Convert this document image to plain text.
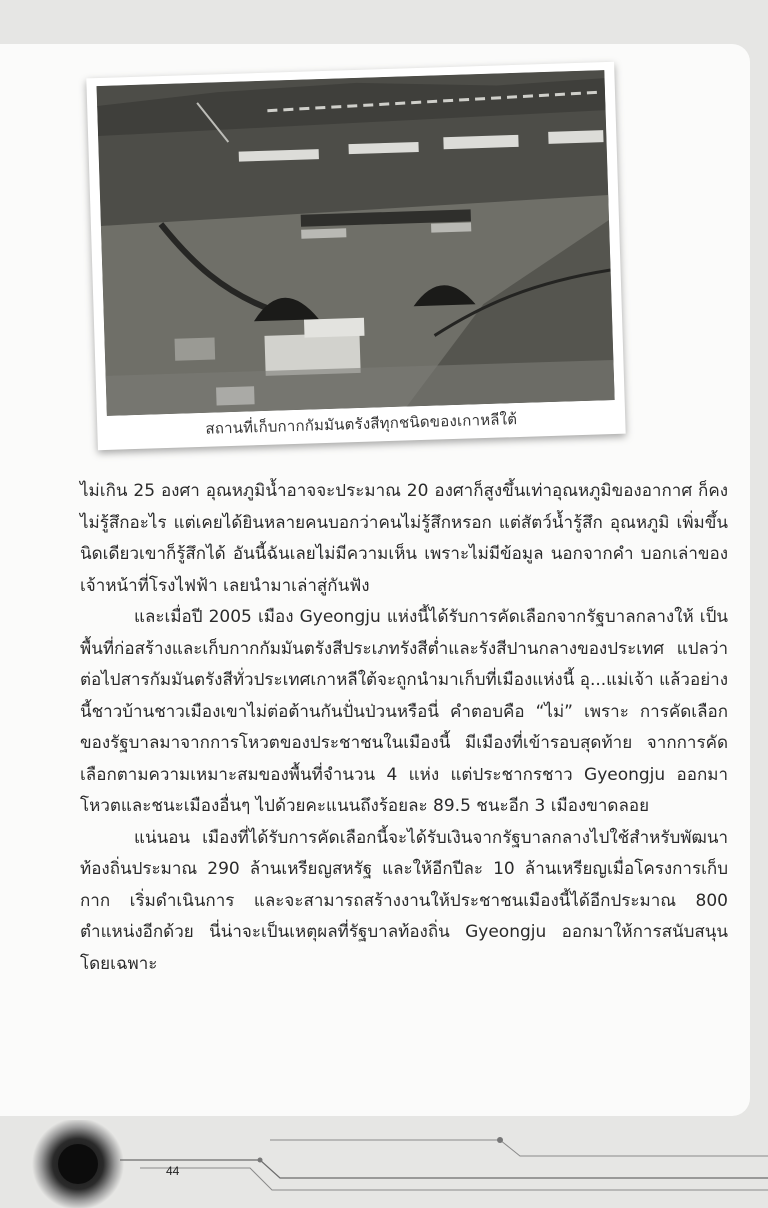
สถานที่เก็บกากกัมมันตรังสีทุกชนิดของเกาหลีใต้

ไม่เกิน 25 องศา อุณหภูมิน้ำอาจจะประมาณ 20 องศาก็สูงขึ้นเท่าอุณหภูมิของอากาศ ก็คงไม่รู้สึกอะไร แต่เคยได้ยินหลายคนบอกว่าคนไม่รู้สึกหรอก แต่สัตว์น้ำรู้สึก อุณหภูมิ เพิ่มขึ้นนิดเดียวเขาก็รู้สึกได้ อันนี้ฉันเลยไม่มีความเห็น เพราะไม่มีข้อมูล นอกจากคำ บอกเล่าของเจ้าหน้าที่โรงไฟฟ้า เลยนำมาเล่าสู่กันฟัง

และเมื่อปี 2005 เมือง Gyeongju แห่งนี้ได้รับการคัดเลือกจากรัฐบาลกลางให้ เป็นพื้นที่ก่อสร้างและเก็บกากกัมมันตรังสีประเภทรังสีต่ำและรังสีปานกลางของประเทศ แปลว่าต่อไปสารกัมมันตรังสีทั่วประเทศเกาหลีใต้จะถูกนำมาเก็บที่เมืองแห่งนี้ อุ...แม่เจ้า แล้วอย่างนี้ชาวบ้านชาวเมืองเขาไม่ต่อต้านกันปั่นป่วนหรือนี่ คำตอบคือ “ไม่” เพราะ การคัดเลือกของรัฐบาลมาจากการโหวตของประชาชนในเมืองนี้ มีเมืองที่เข้ารอบสุดท้าย จากการคัดเลือกตามความเหมาะสมของพื้นที่จำนวน 4 แห่ง แต่ประชากรชาว Gyeongju ออกมาโหวตและชนะเมืองอื่นๆ ไปด้วยคะแนนถึงร้อยละ 89.5 ชนะอีก 3 เมืองขาดลอย

แน่นอน เมืองที่ได้รับการคัดเลือกนี้จะได้รับเงินจากรัฐบาลกลางไปใช้สำหรับพัฒนา ท้องถิ่นประมาณ 290 ล้านเหรียญสหรัฐ และให้อีกปีละ 10 ล้านเหรียญเมื่อโครงการเก็บกาก เริ่มดำเนินการ และจะสามารถสร้างงานให้ประชาชนเมืองนี้ได้อีกประมาณ 800 ตำแหน่งอีกด้วย นี่น่าจะเป็นเหตุผลที่รัฐบาลท้องถิ่น Gyeongju ออกมาให้การสนับสนุน โดยเฉพาะ

44
